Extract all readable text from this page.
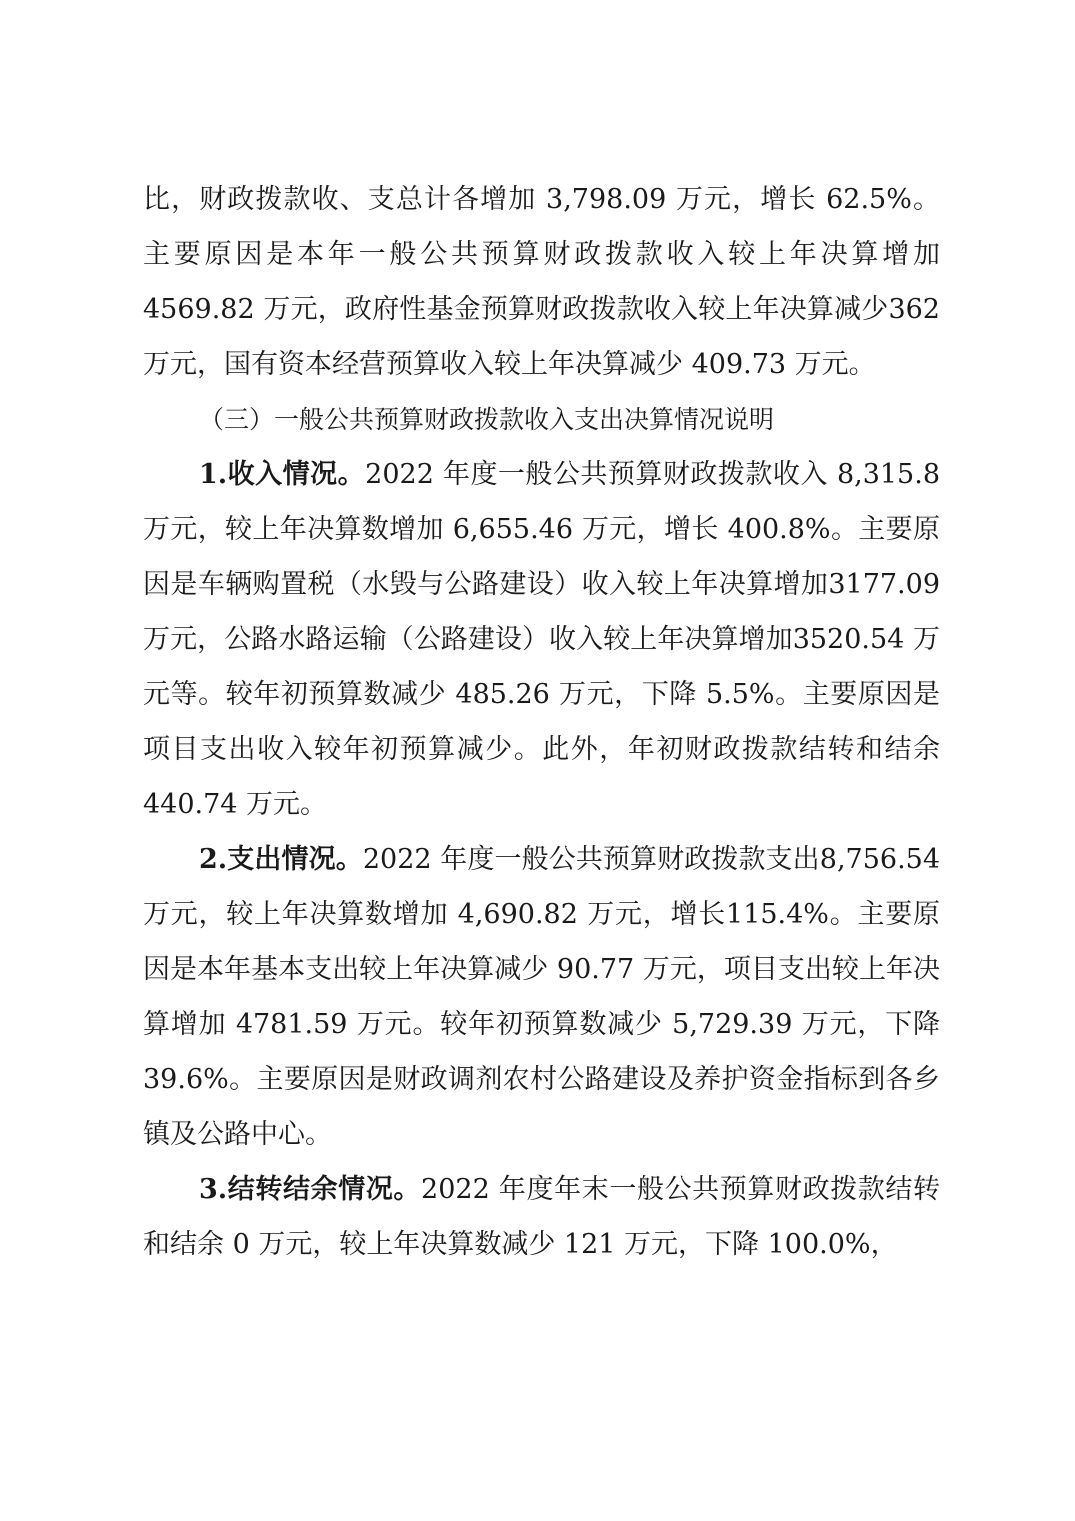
比，财政拨款收、支总计各增加 3,798.09 万元，增长 62.5%。主要原因是本年一般公共预算财政拨款收入较上年决算增加4569.82 万元，政府性基金预算财政拨款收入较上年决算减少362 万元，国有资本经营预算收入较上年决算减少 409.73 万元。

（三）一般公共预算财政拨款收入支出决算情况说明

1.收入情况。2022 年度一般公共预算财政拨款收入 8,315.8 万元，较上年决算数增加 6,655.46 万元，增长 400.8%。主要原因是车辆购置税（水毁与公路建设）收入较上年决算增加3177.09 万元，公路水路运输（公路建设）收入较上年决算增加3520.54 万元等。较年初预算数减少 485.26 万元，下降 5.5%。主要原因是项目支出收入较年初预算减少。此外，年初财政拨款结转和结余 440.74 万元。

2.支出情况。2022 年度一般公共预算财政拨款支出8,756.54 万元，较上年决算数增加 4,690.82 万元，增长115.4%。主要原因是本年基本支出较上年决算减少 90.77 万元，项目支出较上年决算增加 4781.59 万元。较年初预算数减少 5,729.39 万元，下降 39.6%。主要原因是财政调剂农村公路建设及养护资金指标到各乡镇及公路中心。

3.结转结余情况。2022 年度年末一般公共预算财政拨款结转和结余 0 万元，较上年决算数减少 121 万元，下降 100.0%，
